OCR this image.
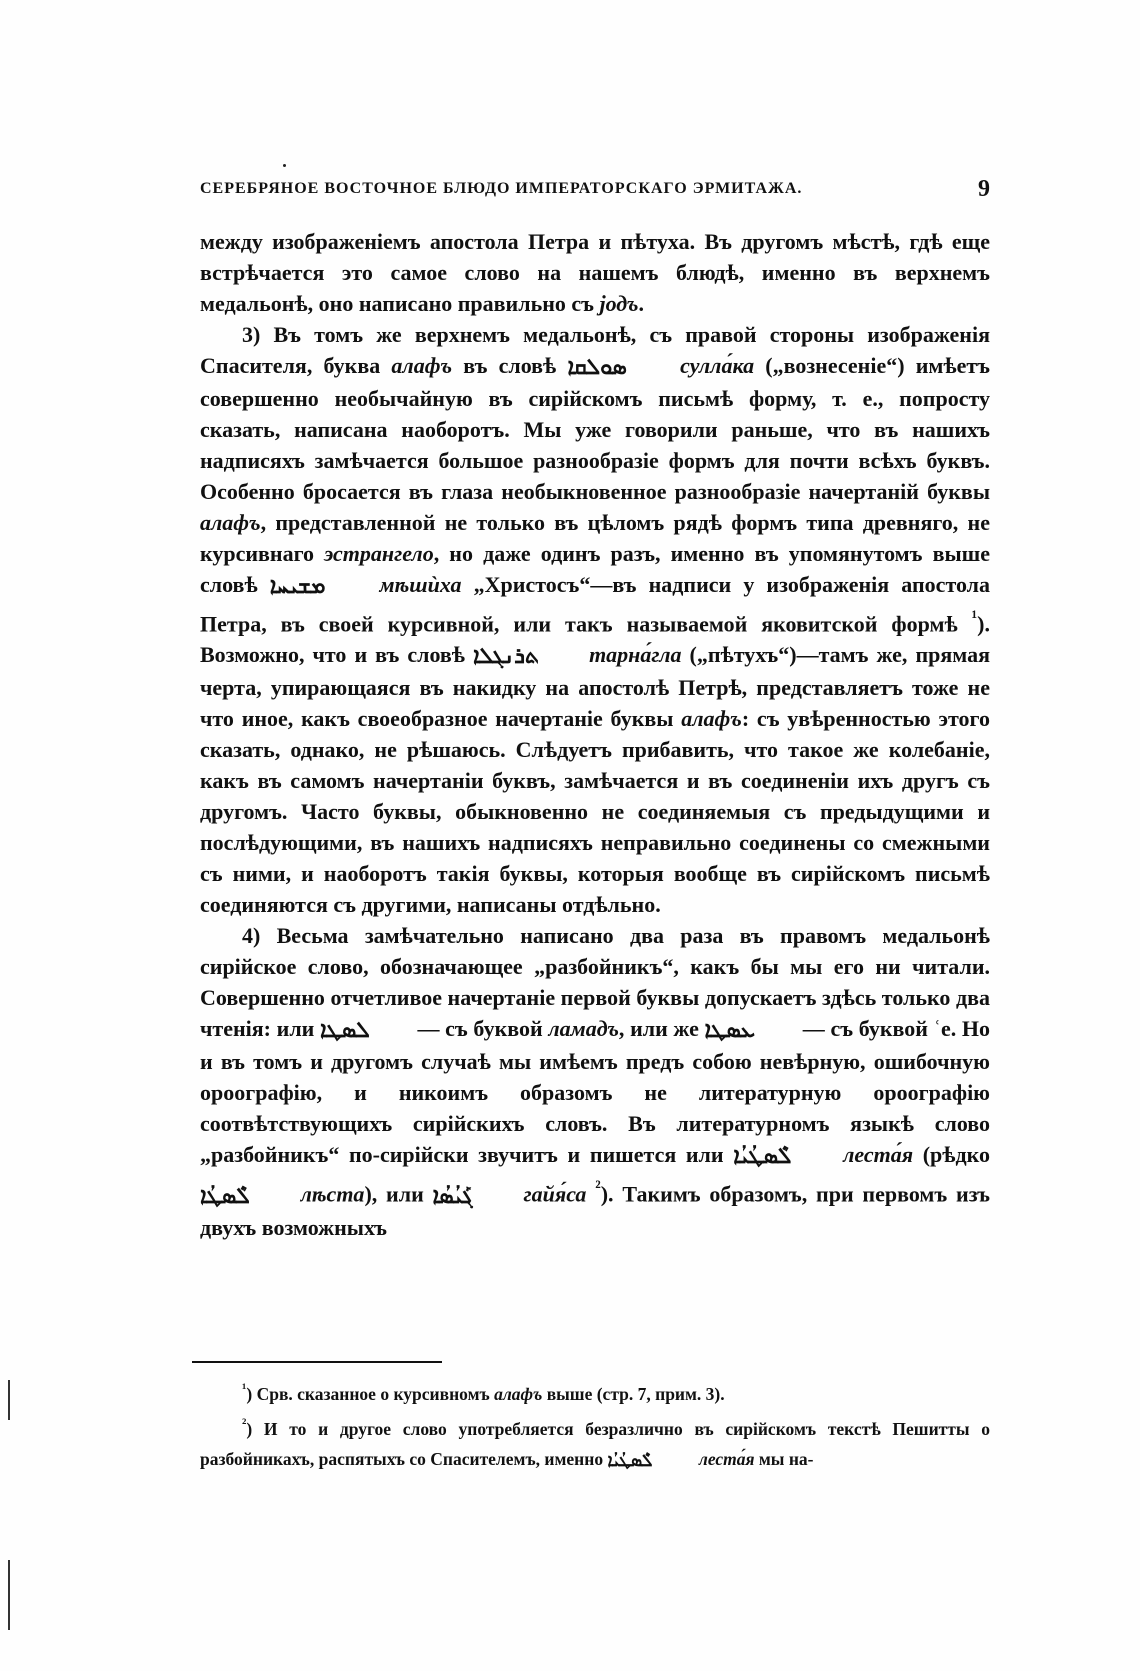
СЕРЕБРЯНОЕ ВОСТОЧНОЕ БЛЮДО ИМПЕРАТОРСКАГО ЭРМИТАЖА.	9

между изображеніемъ апостола Петра и пѣтуха. Въ другомъ мѣстѣ, гдѣ еще встрѣчается это самое слово на нашемъ блюдѣ, именно въ верхнемъ медальонѣ, оно написано правильно съ јодъ.

3) Въ томъ же верхнемъ медальонѣ, съ правой стороны изображенія Спасителя, буква алафъ въ словѣ ܣܘܠܩܐ сулла́ка („вознесеніе“) имѣетъ совершенно необычайную въ сирійскомъ письмѣ форму, т. е., попросту сказать, написана наоборотъ. Мы уже говорили раньше, что въ нашихъ надписяхъ замѣчается большое разнообразіе формъ для почти всѣхъ буквъ. Особенно бросается въ глаза необыкновенное разнообразіе начертаній буквы алафъ, представленной не только въ цѣломъ рядѣ формъ типа древняго, не курсивнаго эстрангело, но даже одинъ разъ, именно въ упомянутомъ выше словѣ ܡܫܝܚܐ мѣшѝха „Христосъ“—въ надписи у изображенія апостола Петра, въ своей курсивной, или такъ называемой яковитской формѣ $^{^1}$). Возможно, что и въ словѣ ܬܪܢܓܠܐ тарна́гла („пѣтухъ“)—тамъ же, прямая черта, упирающаяся въ накидку на апостолѣ Петрѣ, представляетъ тоже не что иное, какъ своеобразное начертаніе буквы алафъ: съ увѣренностью этого сказать, однако, не рѣшаюсь. Слѣдуетъ прибавить, что такое же колебаніе, какъ въ самомъ начертаніи буквъ, замѣчается и въ соединеніи ихъ другъ съ другомъ. Часто буквы, обыкновенно не соединяемыя съ предыдущими и послѣдующими, въ нашихъ надписяхъ неправильно соединены со смежными съ ними, и наоборотъ такія буквы, которыя вообще въ сирійскомъ письмѣ соединяются съ другими, написаны отдѣльно.

4) Весьма замѣчательно написано два раза въ правомъ медальонѣ сирійское слово, обозначающее „разбойникъ“, какъ бы мы его ни читали. Совершенно отчетливое начертаніе первой буквы допускаетъ здѣсь только два чтенія: или ܠܣܛܐ — съ буквой ламадъ, или же ܥܣܛܐ — съ буквой ʿе. Но и въ томъ и другомъ случаѣ мы имѣемъ предъ собою невѣрную, ошибочную ороографію, и никоимъ образомъ не литературную ороографію соотвѣтствующихъ сирійскихъ словъ. Въ литературномъ языкѣ слово „разбойникъ“ по-сирійски звучитъ и пишется или ܠܶܣܛܳܝܳܐ леста́я (рѣдко ܠܶܣܛܳܐ лѣста), или ܓܰܝܳܣܳܐ гайя́са $^{^2}$). Такимъ образомъ, при первомъ изъ двухъ возможныхъ

$^{^1}$) Срв. сказанное о курсивномъ алафъ выше (стр. 7, прим. 3).

$^{^2}$) И то и другое слово употребляется безразлично въ сирійскомъ текстѣ Пешитты о разбойникахъ, распятыхъ со Спасителемъ, именно ܠܶܣܛܳܝܳܐ	леста́я мы на-
